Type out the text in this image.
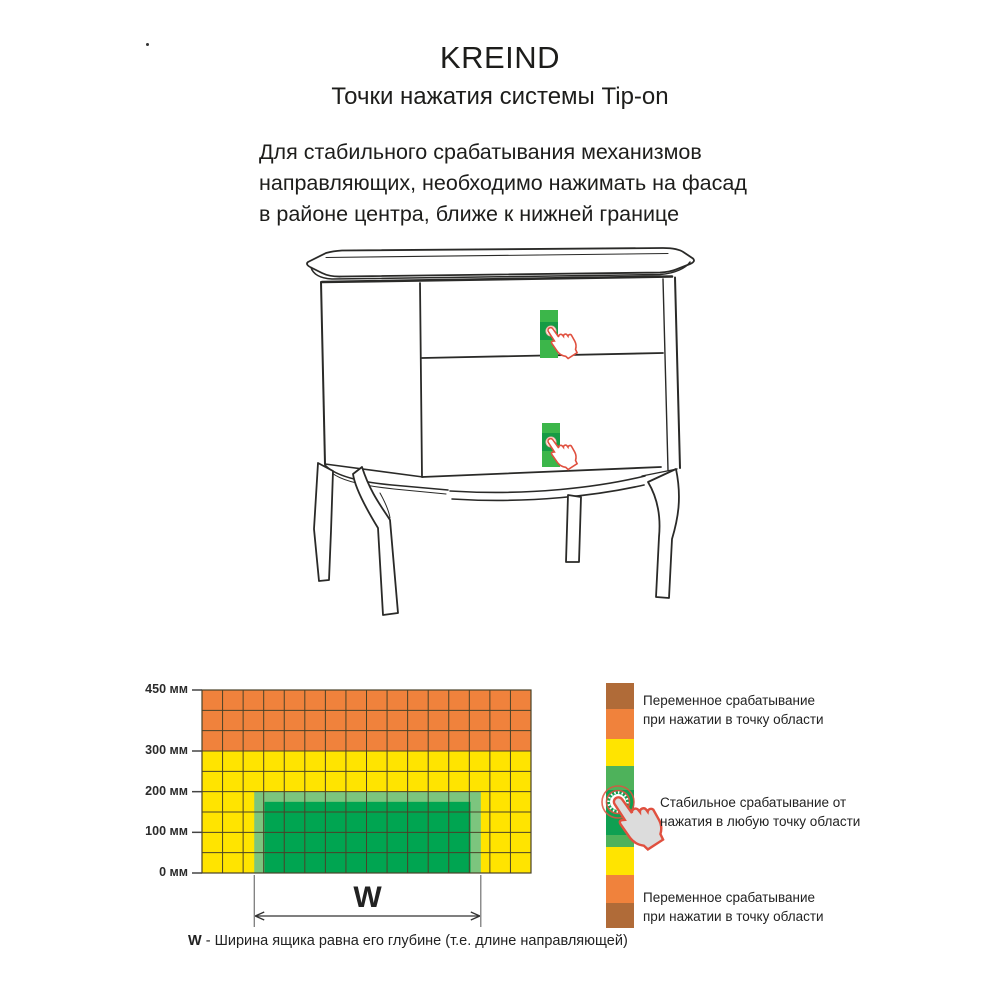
KREIND
Точки нажатия системы Tip-on
Для стабильного срабатывания механизмов
направляющих, необходимо нажимать на фасад
в районе центра, ближе к нижней границе
W
W - Ширина ящика равна его глубине (т.е. длине направляющей)
Переменное срабатывание
при нажатии в точку области
Стабильное срабатывание от
нажатия в любую точку области
Переменное срабатывание
при нажатии в точку области
450 мм
300 мм
200 мм
100 мм
0 мм
